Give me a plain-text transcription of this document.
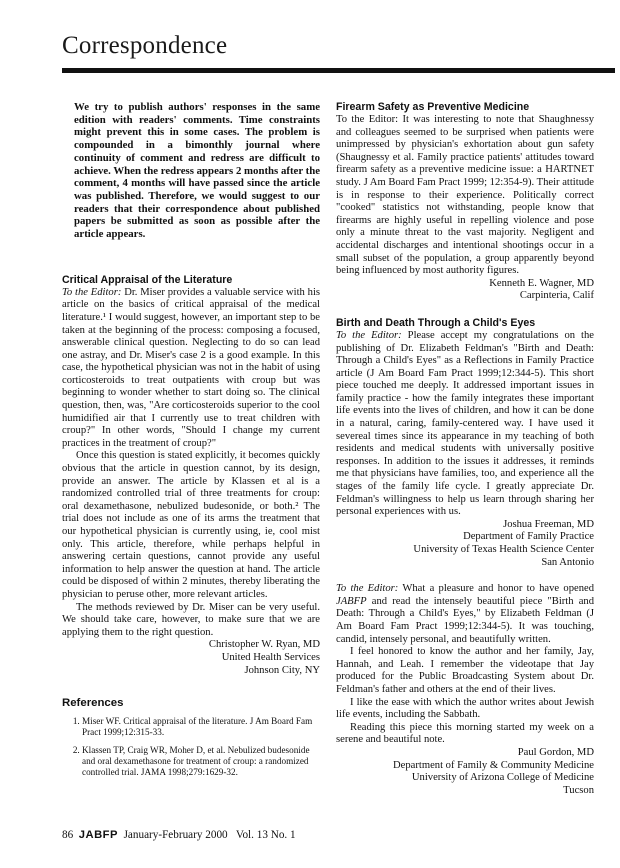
Correspondence

We try to publish authors' responses in the same edition with readers' comments. Time constraints might prevent this in some cases. The problem is compounded in a bimonthly journal where continuity of comment and redress are difficult to achieve. When the redress appears 2 months after the comment, 4 months will have passed since the article was published. Therefore, we would suggest to our readers that their correspondence about published papers be submitted as soon as possible after the article appears.

Critical Appraisal of the Literature

To the Editor: Dr. Miser provides a valuable service with his article on the basics of critical appraisal of the medical literature.¹ I would suggest, however, an important step to be taken at the beginning of the process: composing a focused, answerable clinical question. Neglecting to do so can lead one astray, and Dr. Miser's case 2 is a good example. In this case, the hypothetical physician was not in the habit of using corticosteroids to treat outpatients with croup but was beginning to wonder whether to start doing so. The clinical question, then, was, "Are corticosteroids superior to the cool humidified air that I currently use to treat children with croup?" In other words, "Should I change my current practices in the treatment of croup?"

Once this question is stated explicitly, it becomes quickly obvious that the article in question cannot, by its design, provide an answer. The article by Klassen et al is a randomized controlled trial of three treatments for croup: oral dexamethasone, nebulized budesonide, or both.² The trial does not include as one of its arms the treatment that our hypothetical physician is currently using, ie, cool mist only. This article, therefore, while perhaps helpful in answering certain questions, cannot provide any useful information to help answer the question at hand. The article could be disposed of within 2 minutes, thereby liberating the physician to peruse other, more relevant articles.

The methods reviewed by Dr. Miser can be very useful. We should take care, however, to make sure that we are applying them to the right question.

Christopher W. Ryan, MD
United Health Services
Johnson City, NY
References
1. Miser WF. Critical appraisal of the literature. J Am Board Fam Pract 1999;12:315-33.
2. Klassen TP, Craig WR, Moher D, et al. Nebulized budesonide and oral dexamethasone for treatment of croup: a randomized controlled trial. JAMA 1998;279:1629-32.
Firearm Safety as Preventive Medicine

To the Editor: It was interesting to note that Shaughnessy and colleagues seemed to be surprised when patients were unimpressed by physician's exhortation about gun safety (Shaugnessy et al. Family practice patients' attitudes toward firearm safety as a preventive medicine issue: a HARTNET study. J Am Board Fam Pract 1999; 12:354-9). Their attitude is in response to their experience. Politically correct "cooked" statistics not withstanding, people know that firearms are highly useful in repelling violence and pose only a minute threat to the vast majority. Negligent and accidental discharges and intentional shootings occur in a small subset of the population, a group apparently beyond being influenced by most authority figures.

Kenneth E. Wagner, MD
Carpinteria, Calif
Birth and Death Through a Child's Eyes

To the Editor: Please accept my congratulations on the publishing of Dr. Elizabeth Feldman's "Birth and Death: Through a Child's Eyes" as a Reflections in Family Practice article (J Am Board Fam Pract 1999;12:344-5). This short piece touched me deeply. It addressed important issues in family practice - how the family integrates these important life events into the lives of children, and how it can be done in a natural, caring, family-centered way. I have used it severeal times since its appearance in my teaching of both residents and medical students with universally positive responses. In addition to the issues it addresses, it reminds me that physicians have families, too, and experience all the stages of the family life cycle. I greatly appreciate Dr. Feldman's willingness to help us learn through sharing her personal experiences with us.

Joshua Freeman, MD
Department of Family Practice
University of Texas Health Science Center
San Antonio

To the Editor: What a pleasure and honor to have opened JABFP and read the intensely beautiful piece "Birth and Death: Through a Child's Eyes," by Elizabeth Feldman (J Am Board Fam Pract 1999;12:344-5). It was touching, candid, intensely personal, and beautifully written.

I feel honored to know the author and her family, Jay, Hannah, and Leah. I remember the videotape that Jay produced for the Public Broadcasting System about Dr. Feldman's father and others at the end of their lives.

I like the ease with which the author writes about Jewish life events, including the Sabbath.

Reading this piece this morning started my week on a serene and beautiful note.

Paul Gordon, MD
Department of Family & Community Medicine
University of Arizona College of Medicine
Tucson
86 JABFP January-February 2000   Vol. 13 No. 1
